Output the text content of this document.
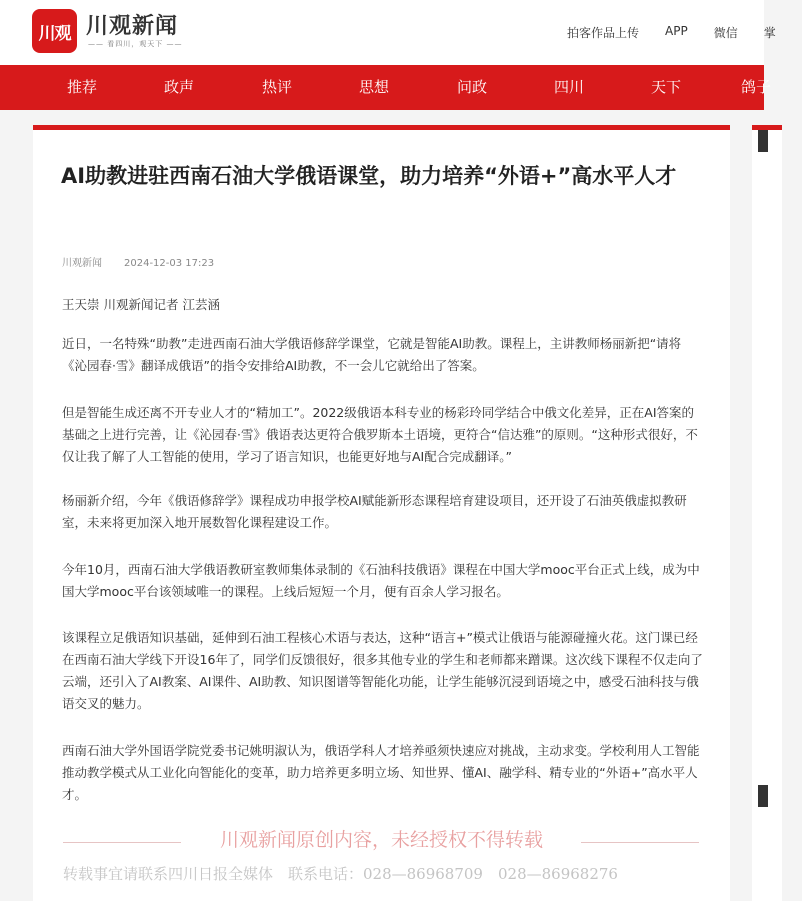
川观 川观新闻
—— 看四川，观天下 ——
拍客作品上传 APP 微信 掌
推荐	政声	热评	思想	问政	四川	天下	鸽子
AI助教进驻西南石油大学俄语课堂，助力培养“外语+”高水平人才
川观新闻 2024-12-03 17:23
王天崇 川观新闻记者 江芸涵
近日，一名特殊“助教”走进西南石油大学俄语修辞学课堂，它就是智能AI助教。课程上，主讲教师杨丽新把“请将《沁园春·雪》翻译成俄语”的指令安排给AI助教，不一会儿它就给出了答案。
但是智能生成还离不开专业人才的“精加工”。2022级俄语本科专业的杨彩玲同学结合中俄文化差异，正在AI答案的基础之上进行完善，让《沁园春·雪》俄语表达更符合俄罗斯本土语境，更符合“信达雅”的原则。“这种形式很好，不仅让我了解了人工智能的使用，学习了语言知识，也能更好地与AI配合完成翻译。”
杨丽新介绍，今年《俄语修辞学》课程成功申报学校AI赋能新形态课程培育建设项目，还开设了石油英俄虚拟教研室，未来将更加深入地开展数智化课程建设工作。
今年10月，西南石油大学俄语教研室教师集体录制的《石油科技俄语》课程在中国大学mooc平台正式上线，成为中国大学mooc平台该领域唯一的课程。上线后短短一个月，便有百余人学习报名。
该课程立足俄语知识基础，延伸到石油工程核心术语与表达，这种“语言+”模式让俄语与能源碰撞火花。这门课已经在西南石油大学线下开设16年了，同学们反馈很好，很多其他专业的学生和老师都来蹭课。这次线下课程不仅走向了云端，还引入了AI教案、AI课件、AI助教、知识图谱等智能化功能，让学生能够沉浸到语境之中，感受石油科技与俄语交叉的魅力。
西南石油大学外国语学院党委书记姚明淑认为，俄语学科人才培养亟须快速应对挑战，主动求变。学校利用人工智能推动教学模式从工业化向智能化的变革，助力培养更多明立场、知世界、懂AI、融学科、精专业的“外语+”高水平人才。
川观新闻原创内容，未经授权不得转载
转载事宜请联系四川日报全媒体　联系电话：028—86968709　028—86968276
